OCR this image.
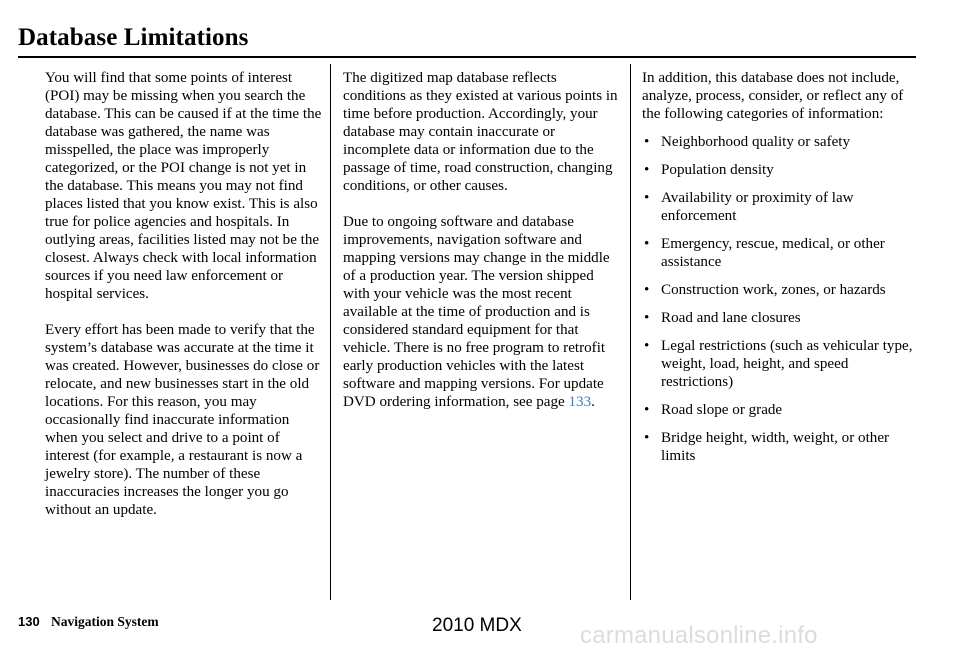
Database Limitations

You will find that some points of interest (POI) may be missing when you search the database. This can be caused if at the time the database was gathered, the name was misspelled, the place was improperly categorized, or the POI change is not yet in the database. This means you may not find places listed that you know exist. This is also true for police agencies and hospitals. In outlying areas, facilities listed may not be the closest. Always check with local information sources if you need law enforcement or hospital services.

Every effort has been made to verify that the system’s database was accurate at the time it was created. However, businesses do close or relocate, and new businesses start in the old locations. For this reason, you may occasionally find inaccurate information when you select and drive to a point of interest (for example, a restaurant is now a jewelry store). The number of these inaccuracies increases the longer you go without an update.

The digitized map database reflects conditions as they existed at various points in time before production. Accordingly, your database may contain inaccurate or incomplete data or information due to the passage of time, road construction, changing conditions, or other causes.

Due to ongoing software and database improvements, navigation software and mapping versions may change in the middle of a production year. The version shipped with your vehicle was the most recent available at the time of production and is considered standard equipment for that vehicle. There is no free program to retrofit early production vehicles with the latest software and mapping versions. For update DVD ordering information, see page 133.

In addition, this database does not include, analyze, process, consider, or reflect any of the following categories of information:

• Neighborhood quality or safety
• Population density
• Availability or proximity of law enforcement
• Emergency, rescue, medical, or other assistance
• Construction work, zones, or hazards
• Road and lane closures
• Legal restrictions (such as vehicular type, weight, load, height, and speed restrictions)
• Road slope or grade
• Bridge height, width, weight, or other limits
130 Navigation System	2010 MDX carmanualsonline.info
